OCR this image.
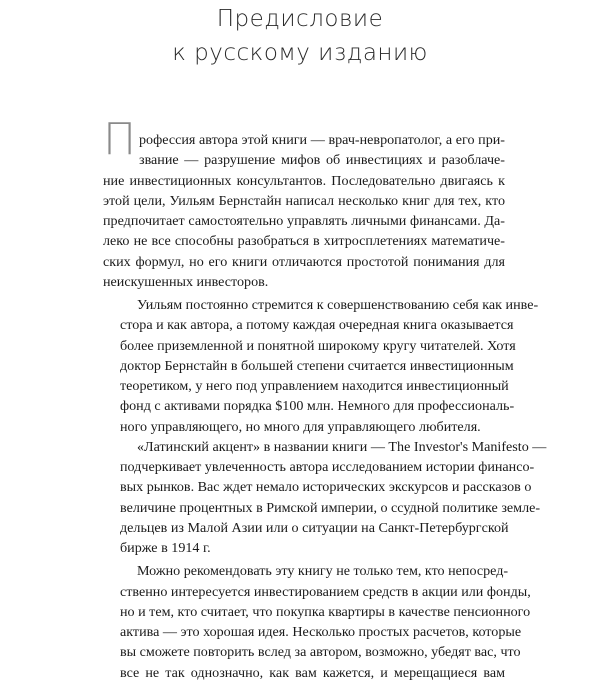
Предисловие
к русскому изданию
П рофессия автора этой книги — врач-невропатолог, а его при-
звание — разрушение мифов об инвестициях и разоблаче-
ние инвестиционных консультантов. Последовательно двигаясь к
этой цели, Уильям Бернстайн написал несколько книг для тех, кто
предпочитает самостоятельно управлять личными финансами. Да-
леко не все способны разобраться в хитросплетениях математиче-
ских формул, но его книги отличаются простотой понимания для
неискушенных инвесторов.
Уильям постоянно стремится к совершенствованию себя как инве-
стора и как автора, а потому каждая очередная книга оказывается
более приземленной и понятной широкому кругу читателей. Хотя
доктор Бернстайн в большей степени считается инвестиционным
теоретиком, у него под управлением находится инвестиционный
фонд с активами порядка $100 млн. Немного для профессиональ-
ного управляющего, но много для управляющего любителя.
«Латинский акцент» в названии книги — The Investor's Manifesto —
подчеркивает увлеченность автора исследованием истории финансо-
вых рынков. Вас ждет немало исторических экскурсов и рассказов о
величине процентных в Римской империи, о ссудной политике земле-
дельцев из Малой Азии или о ситуации на Санкт-Петербургской
бирже в 1914 г.
Можно рекомендовать эту книгу не только тем, кто непосред-
ственно интересуется инвестированием средств в акции или фонды,
но и тем, кто считает, что покупка квартиры в качестве пенсионного
актива — это хорошая идея. Несколько простых расчетов, которые
вы сможете повторить вслед за автором, возможно, убедят вас, что
все не так однозначно, как вам кажется, и мерещащиеся вам
